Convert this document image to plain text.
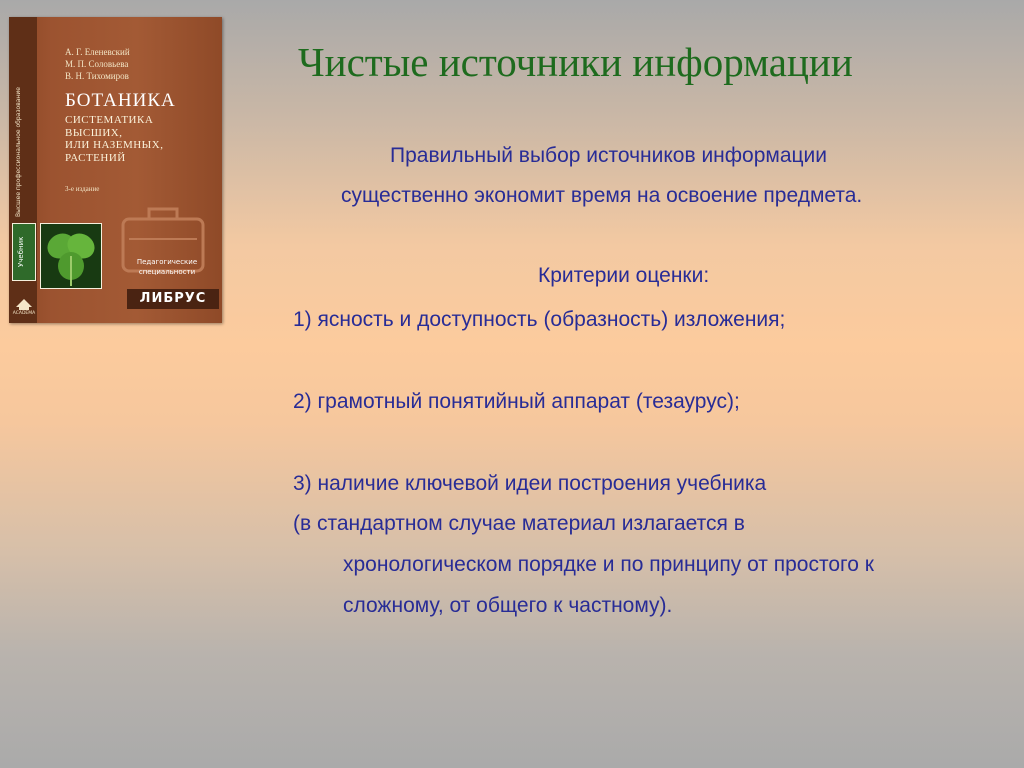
Высшее профессиональное образование
Учебник
ACADEMA
А. Г. Еленевский
М. П. Соловьева
В. Н. Тихомиров
БОТАНИКА
СИСТЕМАТИКА
ВЫСШИХ,
ИЛИ НАЗЕМНЫХ,
РАСТЕНИЙ
3-е издание
Педагогические
специальности
ЛИБРУС
Чистые источники информации

Правильный выбор источников информации

существенно экономит время на освоение предмета.

Критерии оценки:

1) ясность и доступность (образность) изложения;

2) грамотный понятийный аппарат (тезаурус);

3) наличие ключевой идеи построения учебника

(в стандартном случае материал излагается в

хронологическом порядке и по принципу от простого к

сложному, от общего к частному).
